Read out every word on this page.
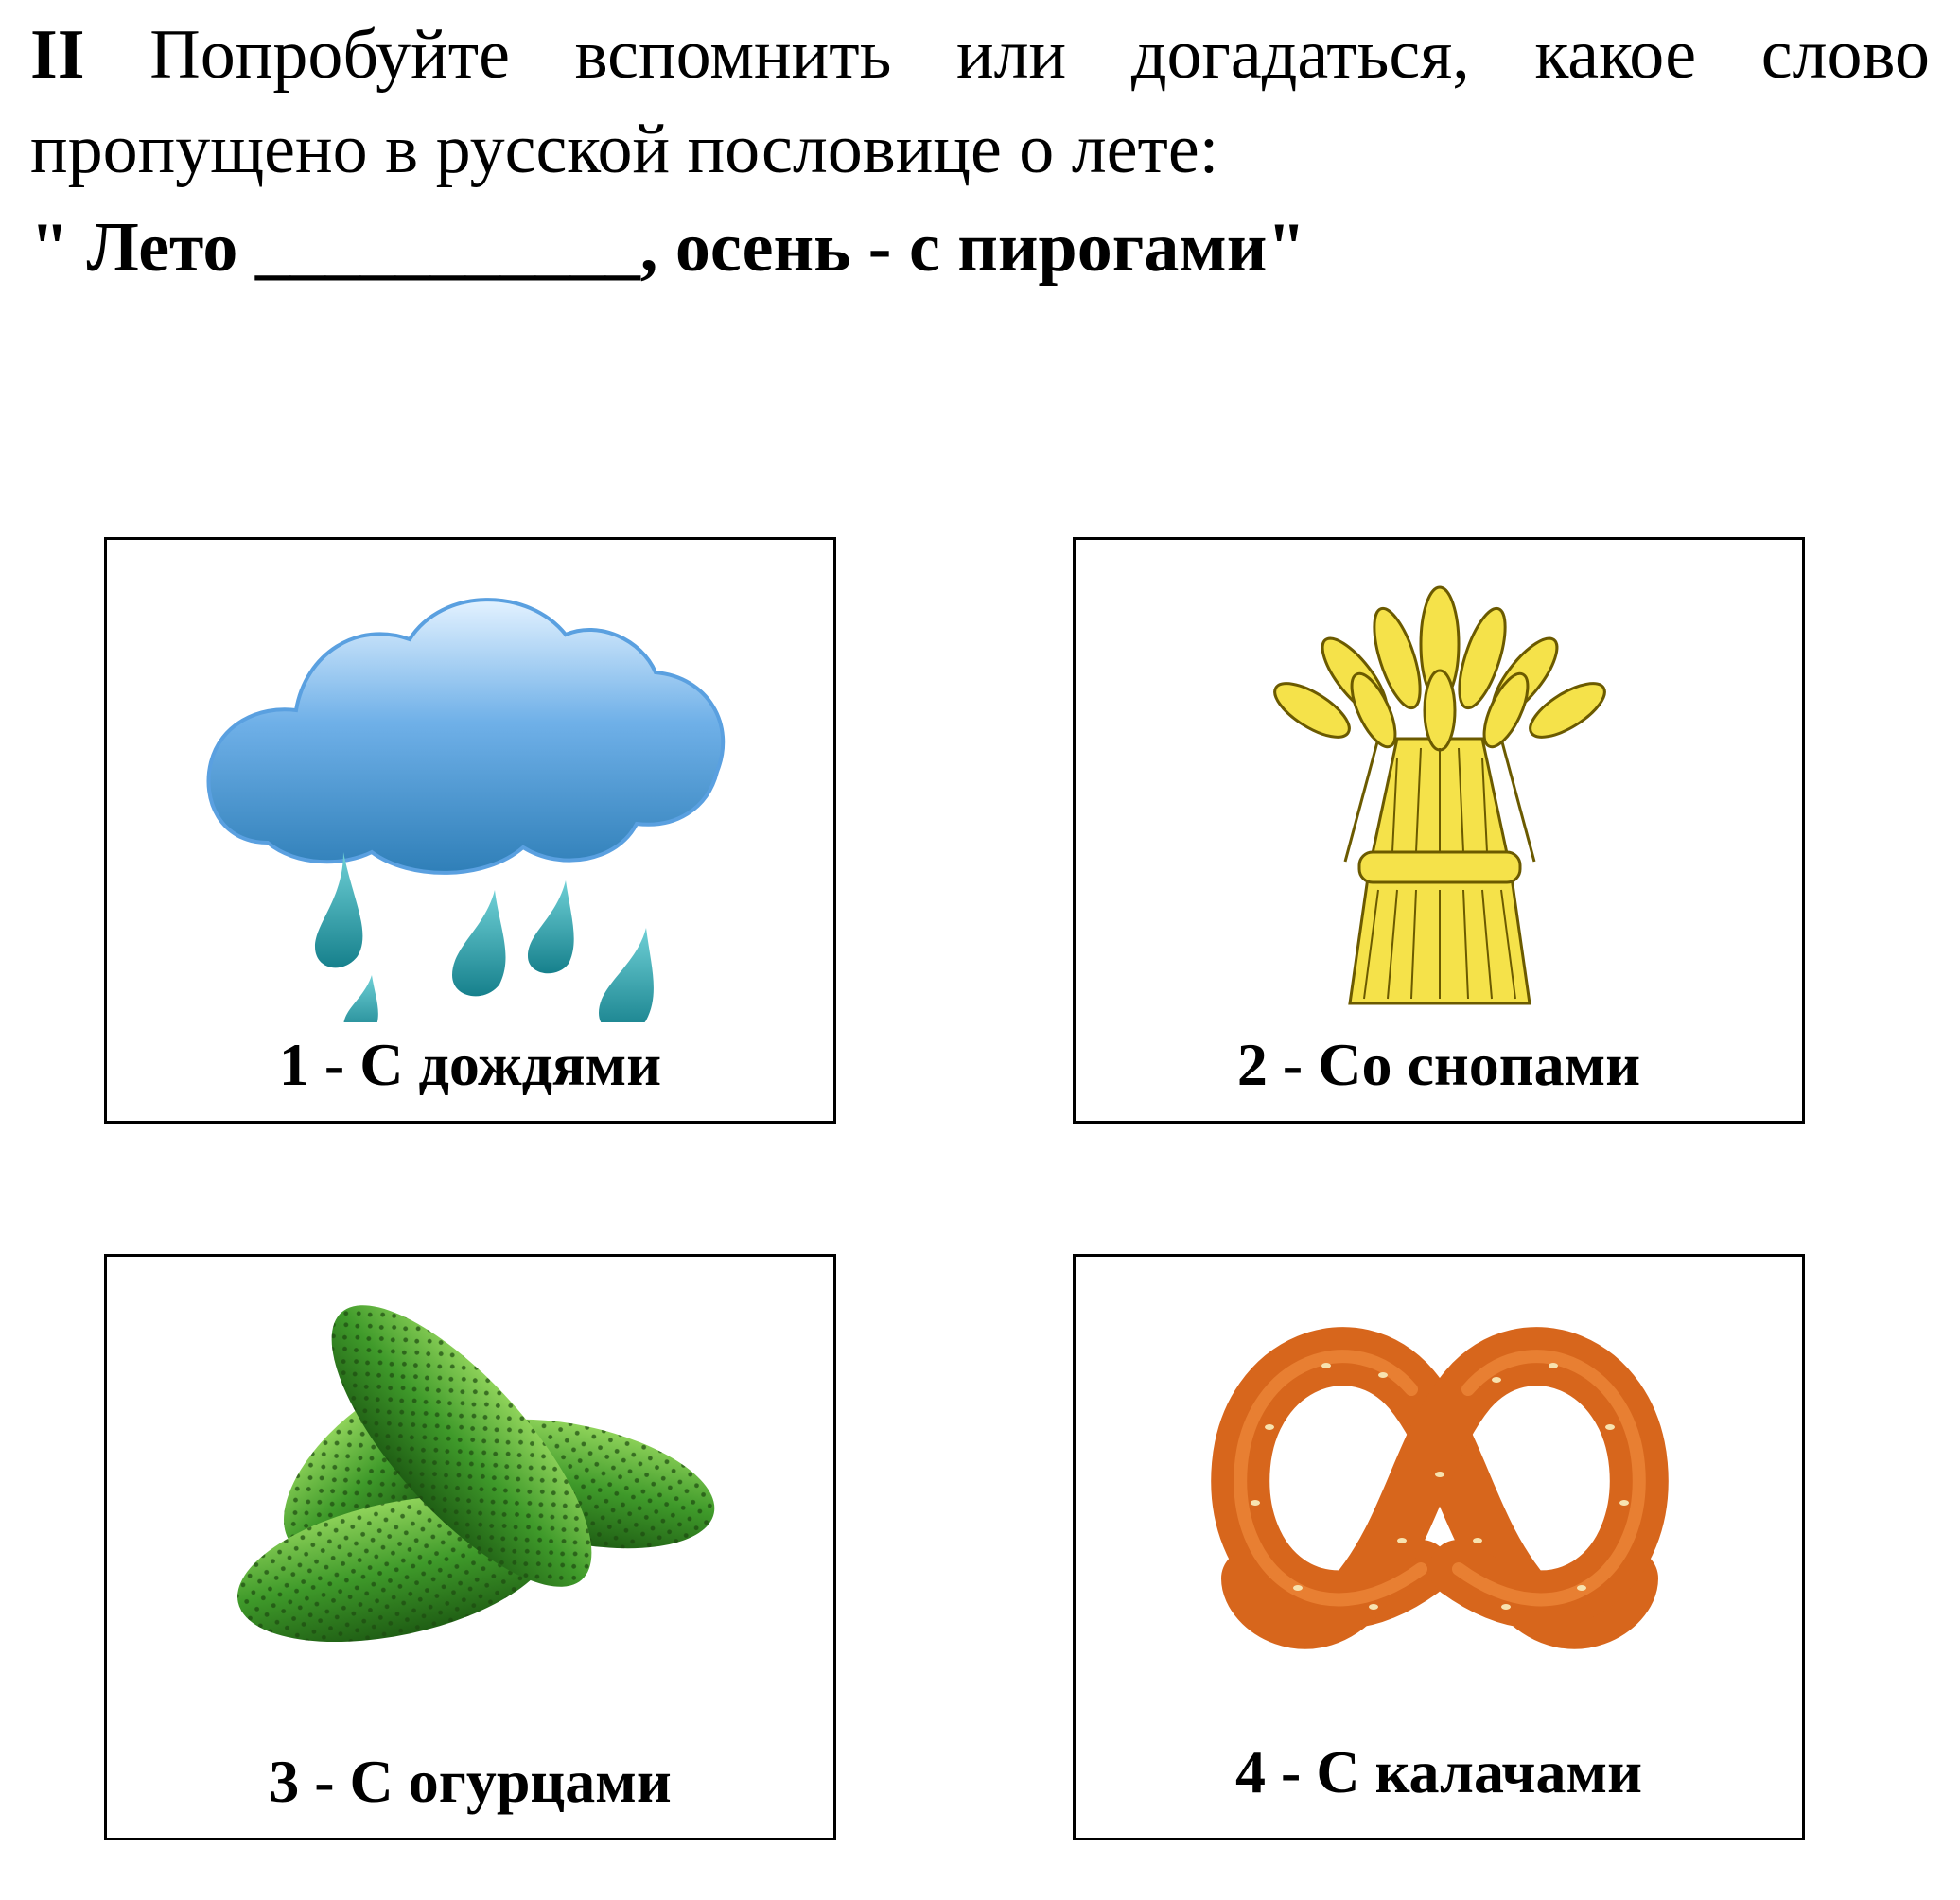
II Попробуйте вспомнить или догадаться, какое слово
пропущено в русской пословице о лете:
" Лето ___________, осень - с пирогами"
1 - С дождями	2 - Со снопами
3 - С огурцами	4 - С калачами
